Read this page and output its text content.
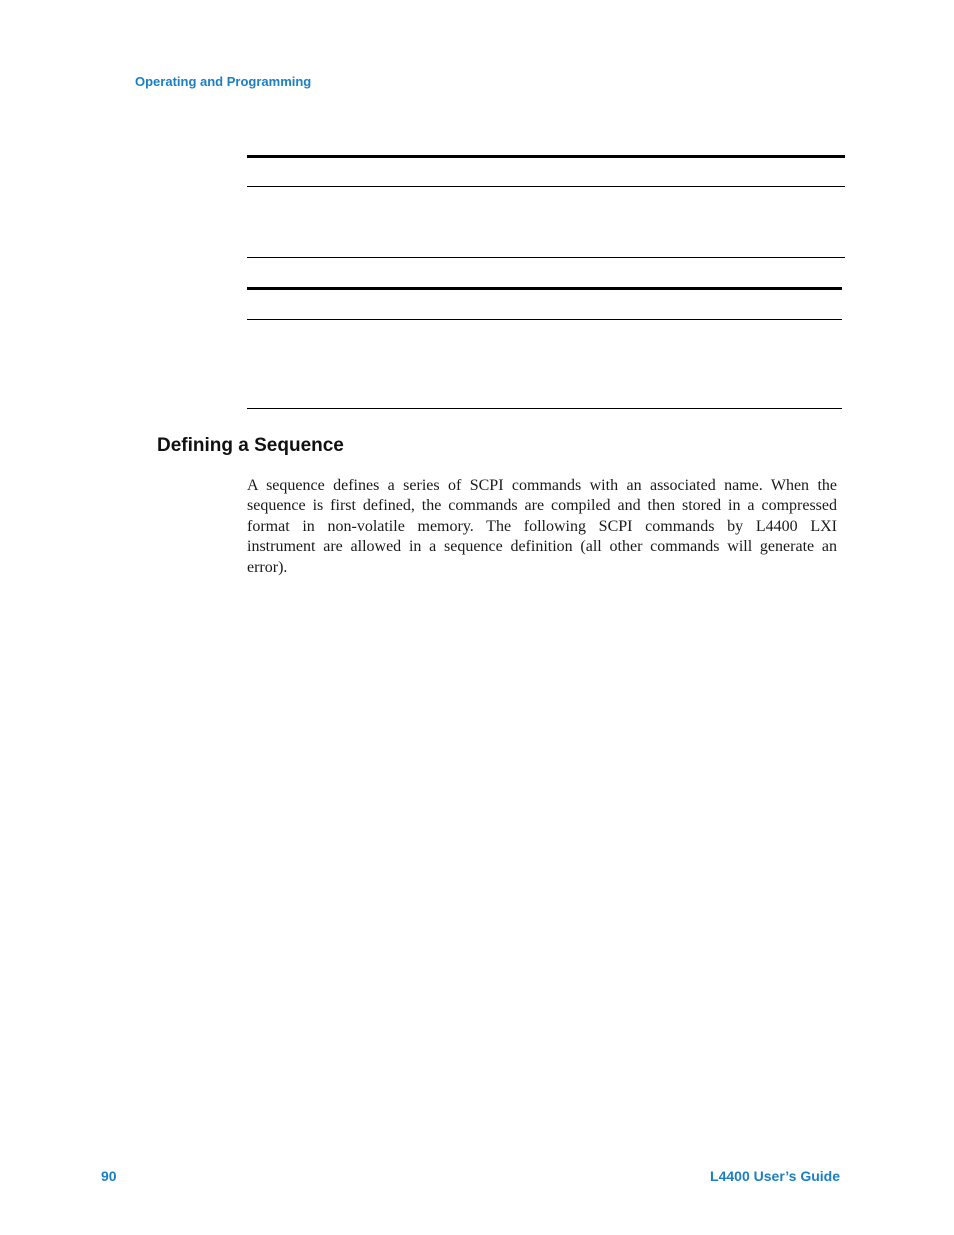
Operating and Programming
Defining a Sequence

A sequence defines a series of SCPI commands with an associated name. When the sequence is first defined, the commands are compiled and then stored in a compressed format in non-volatile memory. The following SCPI commands by L4400 LXI instrument are allowed in a sequence definition (all other commands will generate an error).

90	L4400 User’s Guide
